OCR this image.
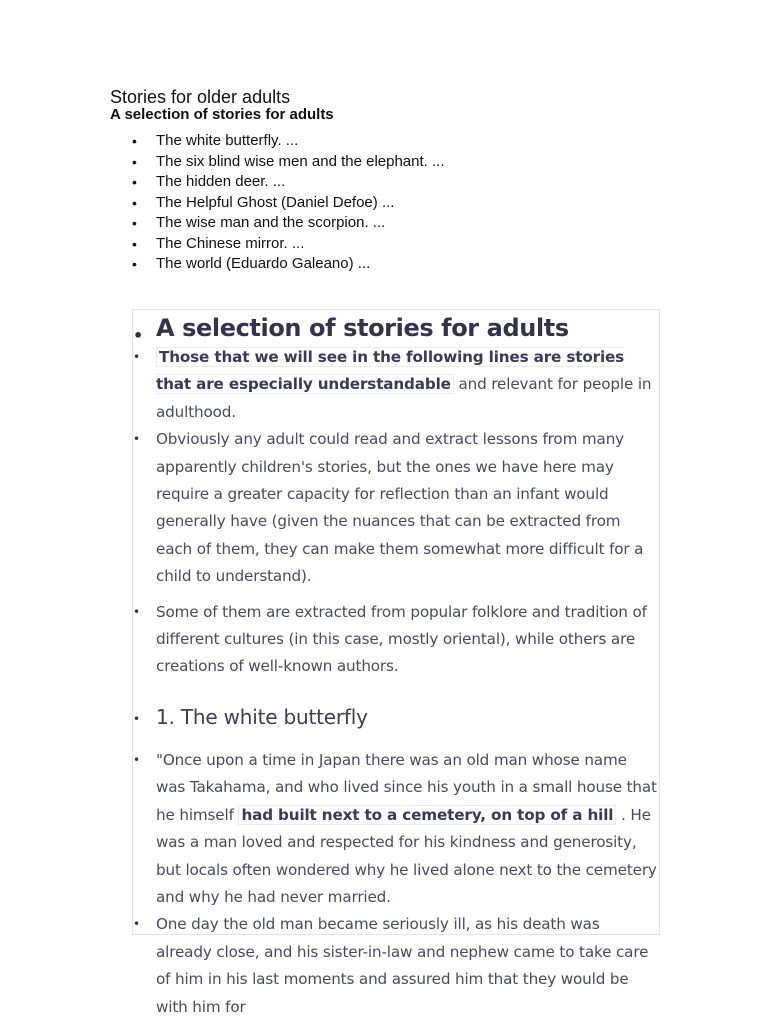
Stories for older adults
A selection of stories for adults
• The white butterfly. ...
• The six blind wise men and the elephant. ...
• The hidden deer. ...
• The Helpful Ghost (Daniel Defoe) ...
• The wise man and the scorpion. ...
• The Chinese mirror. ...
• The world (Eduardo Galeano) ...
• A selection of stories for adults
• Those that we will see in the following lines are stories that are especially understandable and relevant for people in adulthood.
• Obviously any adult could read and extract lessons from many apparently children's stories, but the ones we have here may require a greater capacity for reflection than an infant would generally have (given the nuances that can be extracted from each of them, they can make them somewhat more difficult for a child to understand).
• Some of them are extracted from popular folklore and tradition of different cultures (in this case, mostly oriental), while others are creations of well-known authors.
• 1. The white butterfly
• "Once upon a time in Japan there was an old man whose name was Takahama, and who lived since his youth in a small house that he himself had built next to a cemetery, on top of a hill . He was a man loved and respected for his kindness and generosity, but locals often wondered why he lived alone next to the cemetery and why he had never married.
• One day the old man became seriously ill, as his death was already close, and his sister-in-law and nephew came to take care of him in his last moments and assured him that they would be with him for
